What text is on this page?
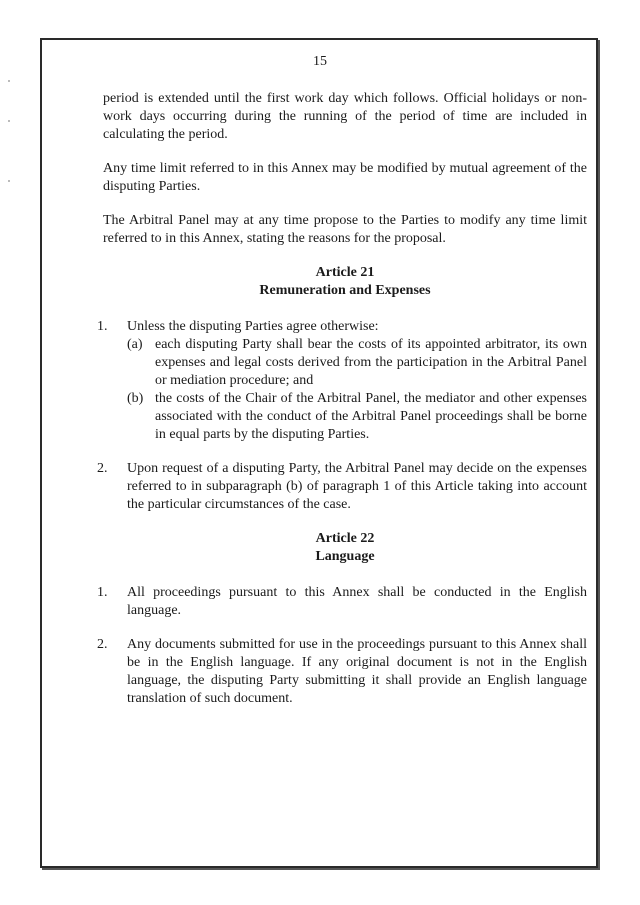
15

period is extended until the first work day which follows. Official holidays or non-work days occurring during the running of the period of time are included in calculating the period.

Any time limit referred to in this Annex may be modified by mutual agreement of the disputing Parties.

The Arbitral Panel may at any time propose to the Parties to modify any time limit referred to in this Annex, stating the reasons for the proposal.

Article 21

Remuneration and Expenses

1. Unless the disputing Parties agree otherwise:
(a) each disputing Party shall bear the costs of its appointed arbitrator, its own expenses and legal costs derived from the participation in the Arbitral Panel or mediation procedure; and
(b) the costs of the Chair of the Arbitral Panel, the mediator and other expenses associated with the conduct of the Arbitral Panel proceedings shall be borne in equal parts by the disputing Parties.
2. Upon request of a disputing Party, the Arbitral Panel may decide on the expenses referred to in subparagraph (b) of paragraph 1 of this Article taking into account the particular circumstances of the case.

Article 22

Language

1. All proceedings pursuant to this Annex shall be conducted in the English language.
2. Any documents submitted for use in the proceedings pursuant to this Annex shall be in the English language. If any original document is not in the English language, the disputing Party submitting it shall provide an English language translation of such document.
